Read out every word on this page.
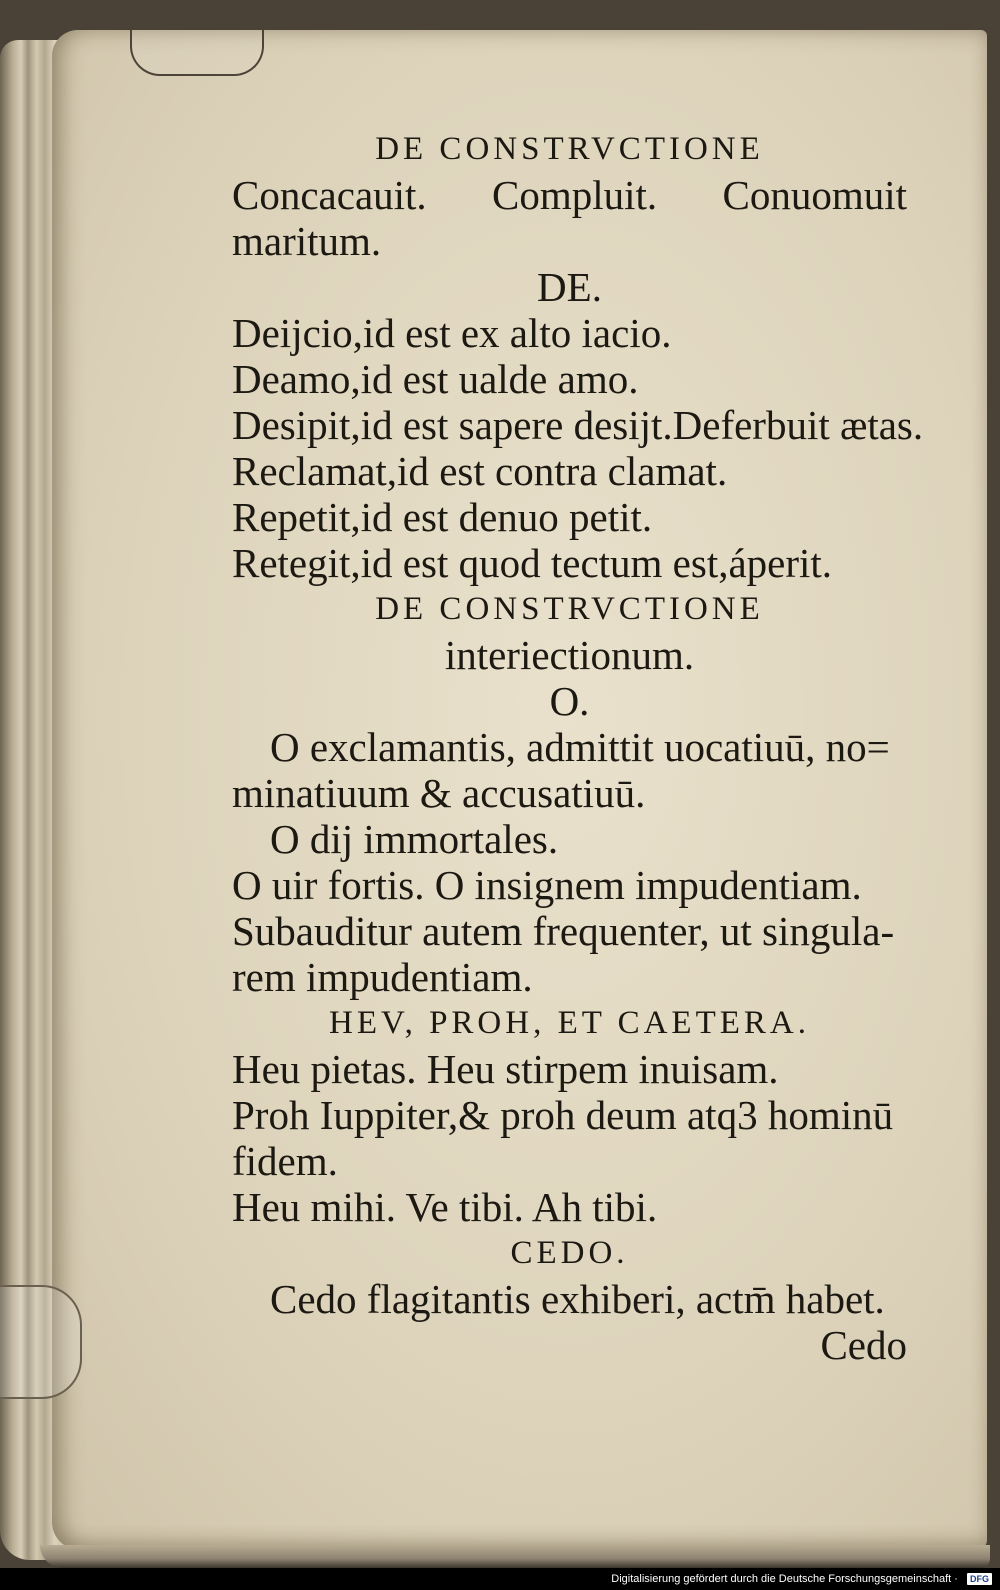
DE CONSTRVCTIONE
Concacauit. Compluit. Conuomuit
maritum.
DE.
Deijcio,id est ex alto iacio.
Deamo,id est ualde amo.
Desipit,id est sapere desijt.Deferbuit ætas.
Reclamat,id est contra clamat.
Repetit,id est denuo petit.
Retegit,id est quod tectum est,áperit.
DE CONSTRVCTIONE
interiectionum.
O.
O exclamantis, admittit uocatiuū, no=
minatiuum & accusatiuū.
O dij immortales.
O uir fortis. O insignem impudentiam.
Subauditur autem frequenter, ut singula-
rem impudentiam.
HEV, PROH, ET CAETERA.
Heu pietas. Heu stirpem inuisam.
Proh Iuppiter,& proh deum atq3 hominū
fidem.
Heu mihi. Ve tibi. Ah tibi.
CEDO.
Cedo flagitantis exhiberi, actm̄ habet.
Cedo
Digitalisierung gefördert durch die Deutsche Forschungsgemeinschaft · DFG
